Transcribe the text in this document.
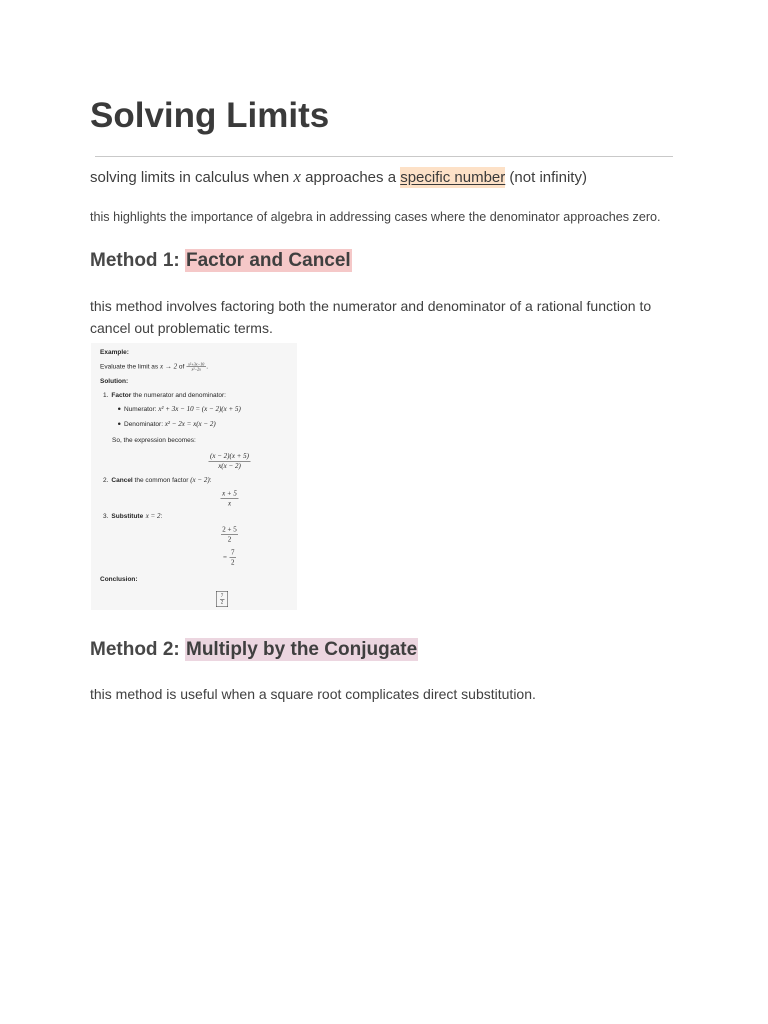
Solving Limits

solving limits in calculus when x approaches a specific number (not infinity)

this highlights the importance of algebra in addressing cases where the denominator approaches zero.

Method 1: Factor and Cancel

this method involves factoring both the numerator and denominator of a rational function to cancel out problematic terms.

Example:
Evaluate the limit as x → 2 of $\frac{\text{x²+3x−10}}{\text{x²−2x}}$ .
Solution:
1. Factor the numerator and denominator:
Numerator: x² + 3x − 10 = (x − 2)(x + 5)
Denominator: x² − 2x = x(x − 2)
So, the expression becomes:
$\frac{(x - 2)(x + 5)}{x(x - 2)}$
2. Cancel the common factor (x − 2):
$\frac{x + 5}{x}$
3. Substitute x = 2:
$\frac{2 + 5}{2}$
= $\frac{7}{2}$
Conclusion:
$\frac{7}{2}$
Method 2: Multiply by the Conjugate

this method is useful when a square root complicates direct substitution.
